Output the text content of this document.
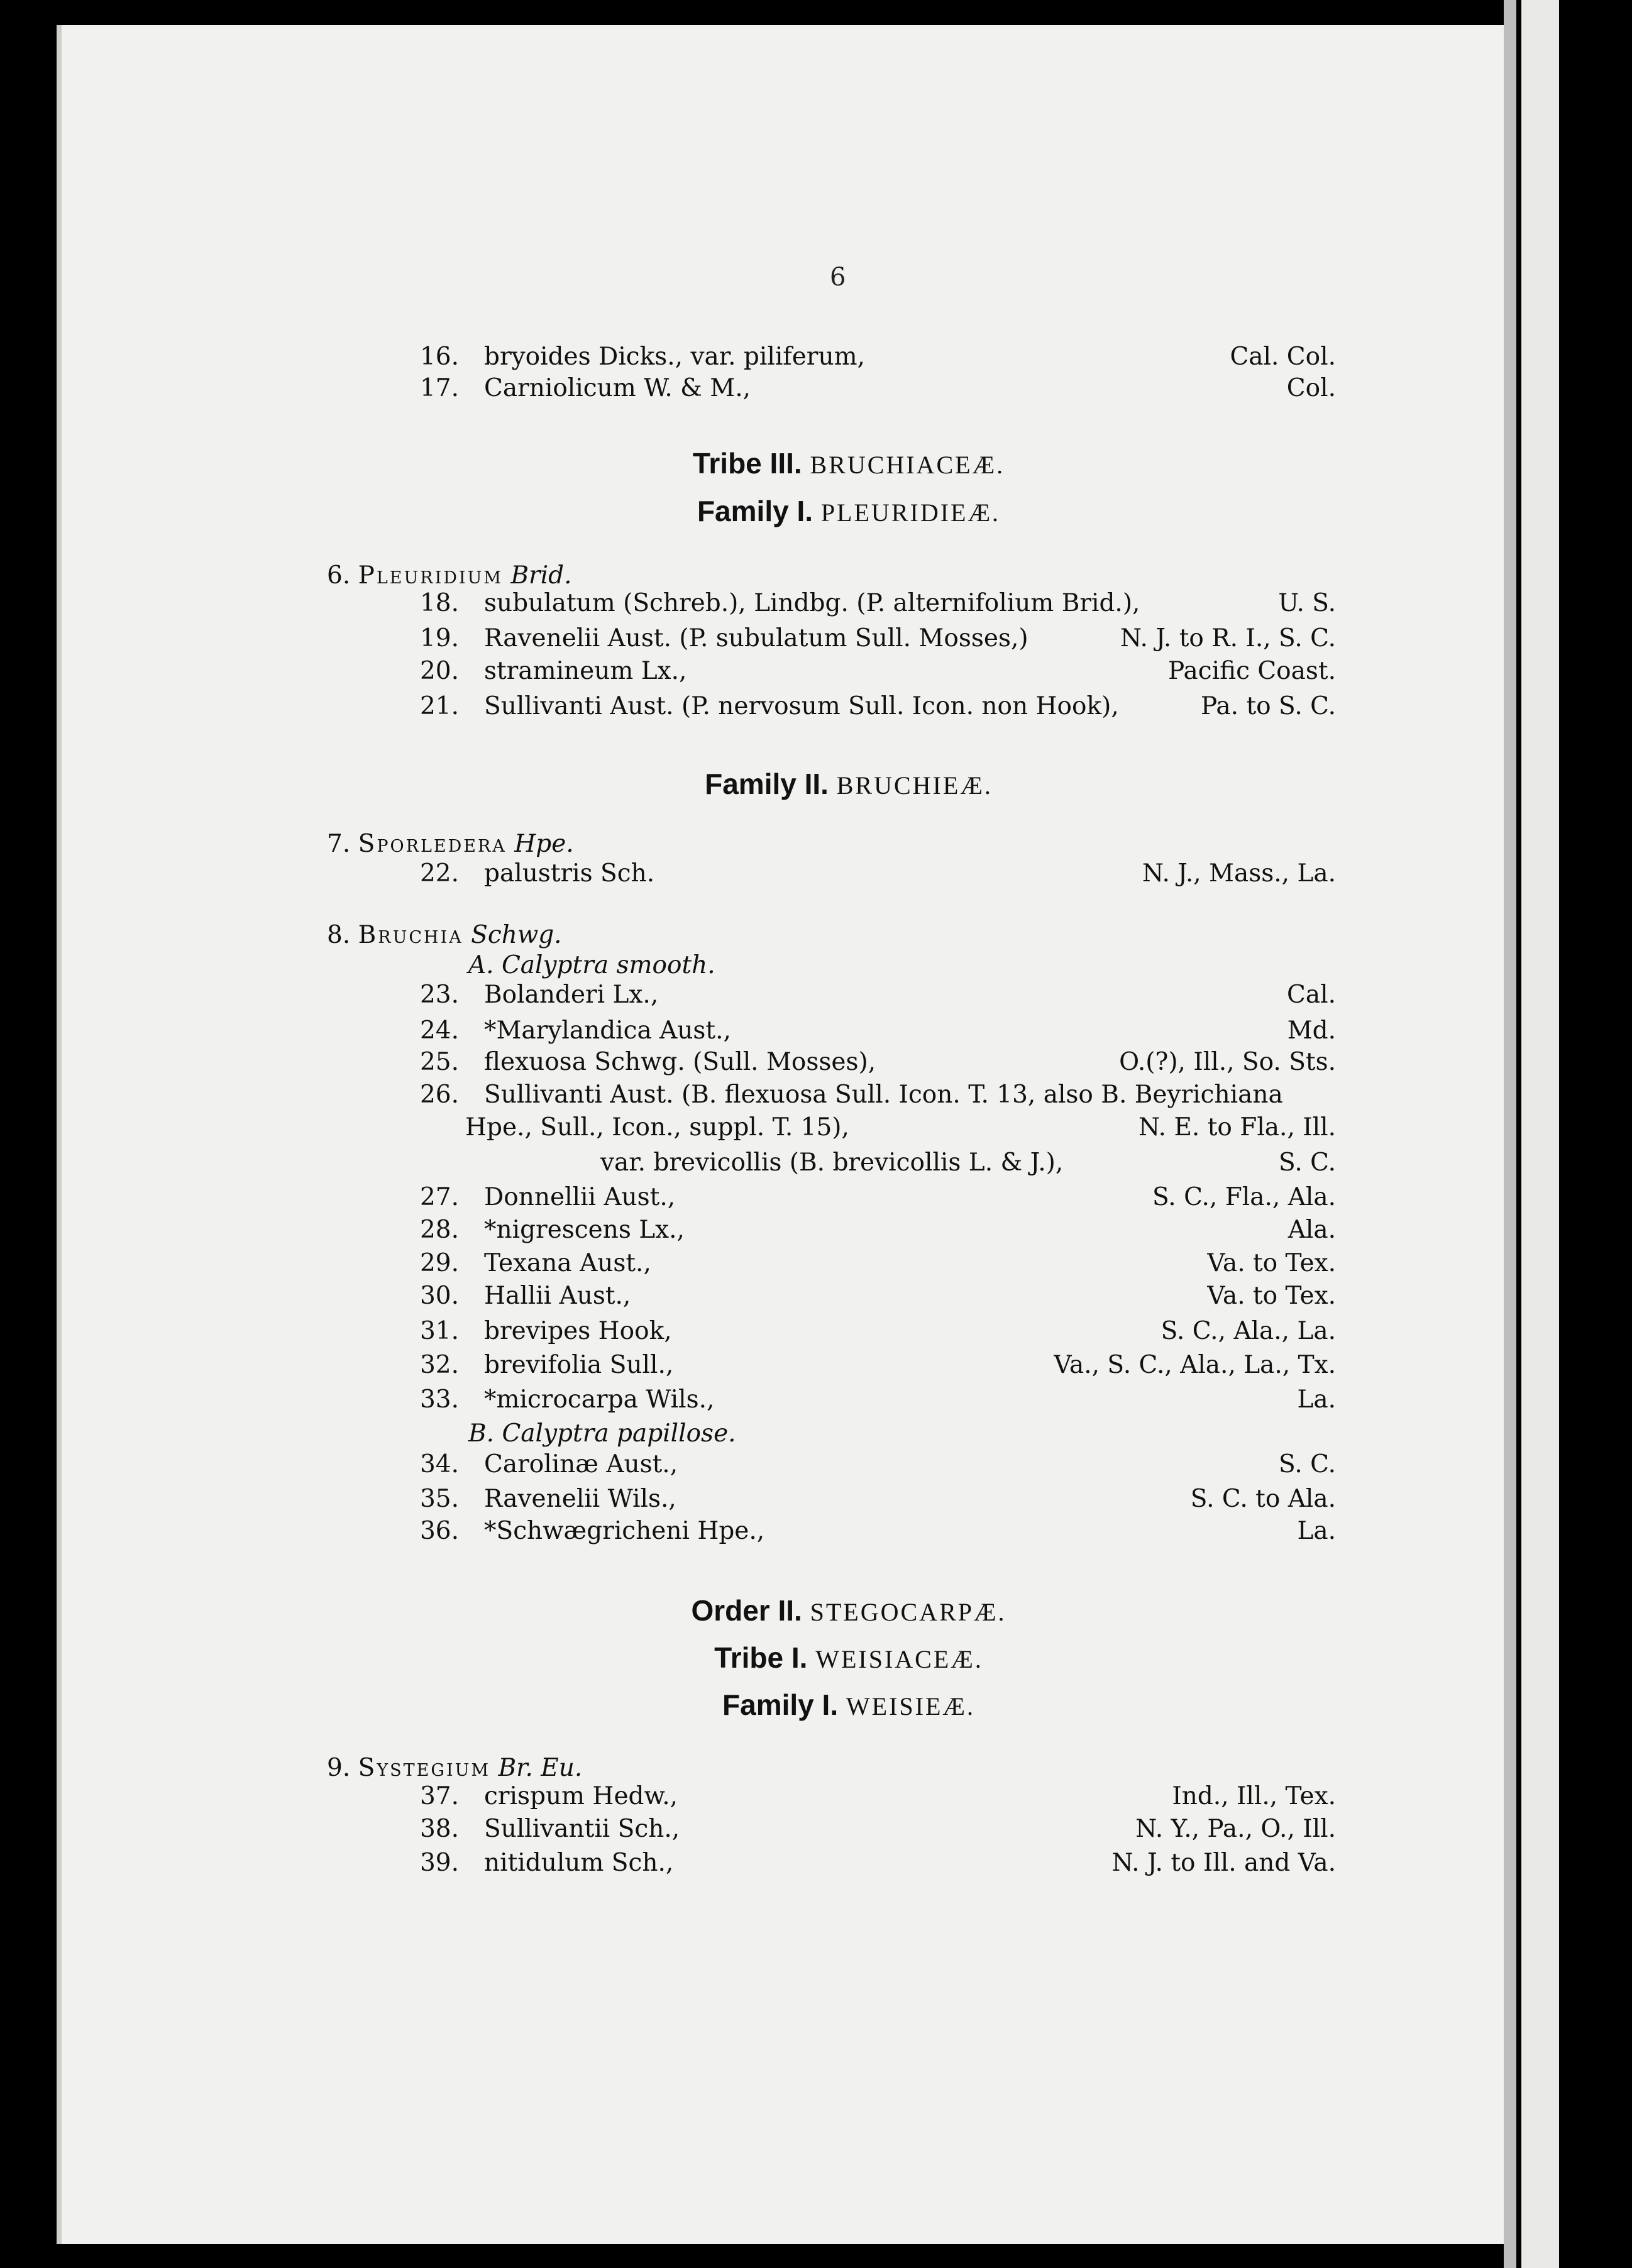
6
16. bryoides Dicks., var. piliferum,	Cal. Col.
17. Carniolicum W. & M.,	Col.
Tribe III. BRUCHIACEÆ.
Family I. PLEURIDIEÆ.
6. Pleuridium Brid.
18. subulatum (Schreb.), Lindbg. (P. alternifolium Brid.),	U. S.
19. Ravenelii Aust. (P. subulatum Sull. Mosses,)	N. J. to R. I., S. C.
20. stramineum Lx.,	Pacific Coast.
21. Sullivanti Aust. (P. nervosum Sull. Icon. non Hook),	Pa. to S. C.
Family II. BRUCHIEÆ.
7. Sporledera Hpe.
22. palustris Sch.	N. J., Mass., La.
8. Bruchia Schwg.
A. Calyptra smooth.
23. Bolanderi Lx.,	Cal.
24. *Marylandica Aust.,	Md.
25. flexuosa Schwg. (Sull. Mosses),	O.(?), Ill., So. Sts.
26. Sullivanti Aust. (B. flexuosa Sull. Icon. T. 13, also B. Beyrichiana
Hpe., Sull., Icon., suppl. T. 15),	N. E. to Fla., Ill.
var. brevicollis (B. brevicollis L. & J.),	S. C.
27. Donnellii Aust.,	S. C., Fla., Ala.
28. *nigrescens Lx.,	Ala.
29. Texana Aust.,	Va. to Tex.
30. Hallii Aust.,	Va. to Tex.
31. brevipes Hook,	S. C., Ala., La.
32. brevifolia Sull.,	Va., S. C., Ala., La., Tx.
33. *microcarpa Wils.,	La.
B. Calyptra papillose.
34. Carolinæ Aust.,	S. C.
35. Ravenelii Wils.,	S. C. to Ala.
36. *Schwægricheni Hpe.,	La.
Order II. STEGOCARPÆ.
Tribe I. WEISIACEÆ.
Family I. WEISIEÆ.
9. Systegium Br. Eu.
37. crispum Hedw.,	Ind., Ill., Tex.
38. Sullivantii Sch.,	N. Y., Pa., O., Ill.
39. nitidulum Sch.,	N. J. to Ill. and Va.
